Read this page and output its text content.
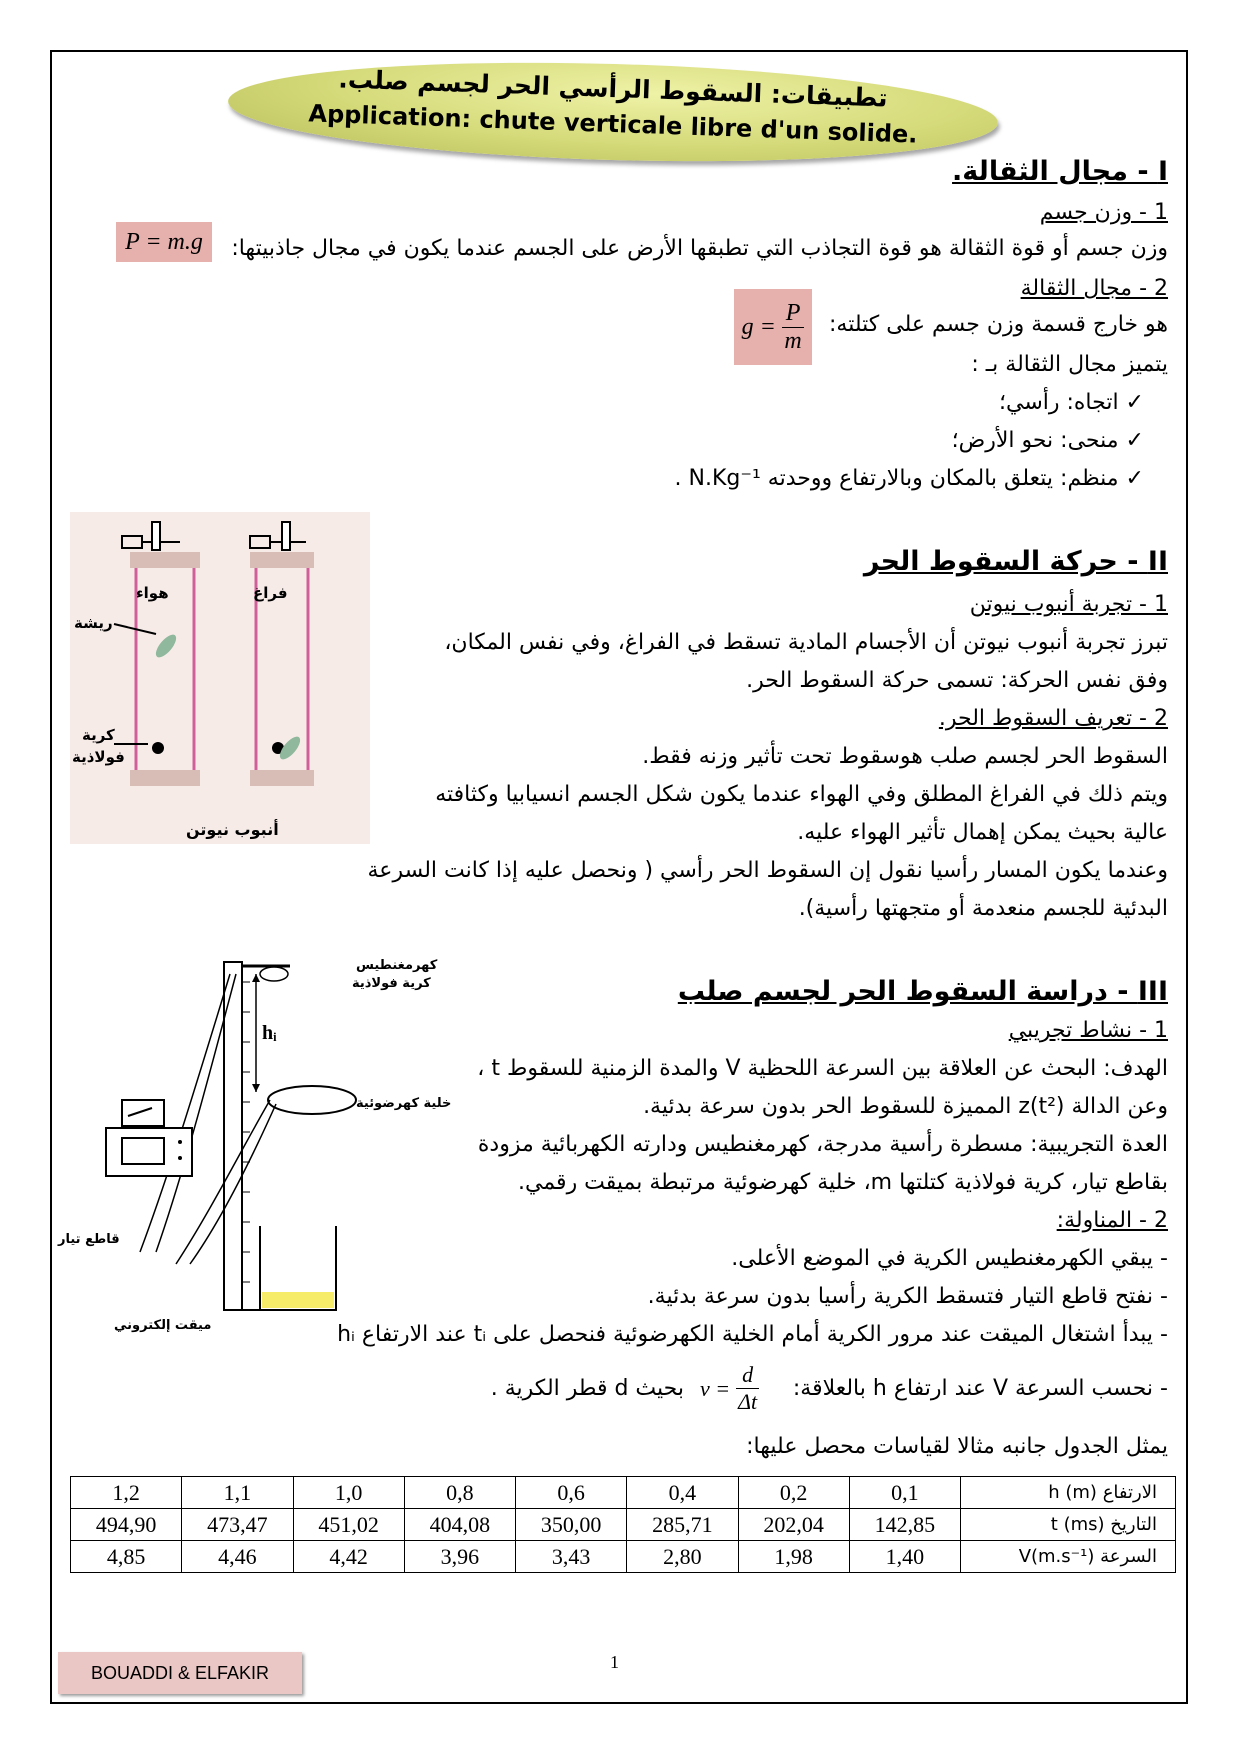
تطبيقات: السقوط الرأسي الحر لجسم صلب.
Application: chute verticale libre d'un solide.
I - مجال الثقالة.
1 - وزن جسم
وزن جسم أو قوة الثقالة هو قوة التجاذب التي تطبقها الأرض على الجسم عندما يكون في مجال جاذبيتها:
P = m.g
2 - مجال الثقالة
هو خارج قسمة وزن جسم على كتلته:
$g = \frac{P}{m}$
يتميز مجال الثقالة بـ :
✓ اتجاه: رأسي؛
✓ منحى: نحو الأرض؛
✓ منظم: يتعلق بالمكان وبالارتفاع ووحدته N.Kg⁻¹ .
هواء	فراغ
ريشة
كرية
فولاذية
أنبوب نيوتن
II - حركة السقوط الحر
1 - تجربة أنبوب نيوتن
تبرز تجربة أنبوب نيوتن أن الأجسام المادية تسقط في الفراغ، وفي نفس المكان،
وفق نفس الحركة: تسمى حركة السقوط الحر.
2 - تعريف السقوط الحر.
السقوط الحر لجسم صلب هوسقوط تحت تأثير وزنه فقط.
ويتم ذلك في الفراغ المطلق وفي الهواء عندما يكون شكل الجسم انسيابيا وكثافته
عالية بحيث يمكن إهمال تأثير الهواء عليه.
وعندما يكون المسار رأسيا نقول إن السقوط الحر رأسي ( ونحصل عليه إذا كانت السرعة
البدئية للجسم منعدمة أو متجهتها رأسية).
كهرمغنطيس
كرية فولاذية
خلية كهرضوئية
hᵢ
قاطع تيار
ميقت إلكتروني
III - دراسة السقوط الحر لجسم صلب
1 - نشاط تجريبي
الهدف: البحث عن العلاقة بين السرعة اللحظية V والمدة الزمنية للسقوط t ،
وعن الدالة z(t²) المميزة للسقوط الحر بدون سرعة بدئية.
العدة التجريبية: مسطرة رأسية مدرجة، كهرمغنطيس ودارته الكهربائية مزودة
بقاطع تيار، كرية فولاذية كتلتها m، خلية كهرضوئية مرتبطة بميقت رقمي.
2 - المناولة:
- يبقي الكهرمغنطيس الكرية في الموضع الأعلى.
- نفتح قاطع التيار فتسقط الكرية رأسيا بدون سرعة بدئية.
- يبدأ اشتغال الميقت عند مرور الكرية أمام الخلية الكهرضوئية فنحصل على tᵢ عند الارتفاع hᵢ
- نحسب السرعة V عند ارتفاع h بالعلاقة:
$v = \frac{d}{\Delta t}$
بحيث d قطر الكرية .
يمثل الجدول جانبه مثالا لقياسات محصل عليها:
1,2	1,1	1,0	0,8	0,6	0,4	0,2	0,1	الارتفاع h (m)
494,90	473,47	451,02	404,08	350,00	285,71	202,04	142,85	التاريخ t (ms)
4,85	4,46	4,42	3,96	3,43	2,80	1,98	1,40	السرعة V(m.s⁻¹)
1
BOUADDI & ELFAKIR
